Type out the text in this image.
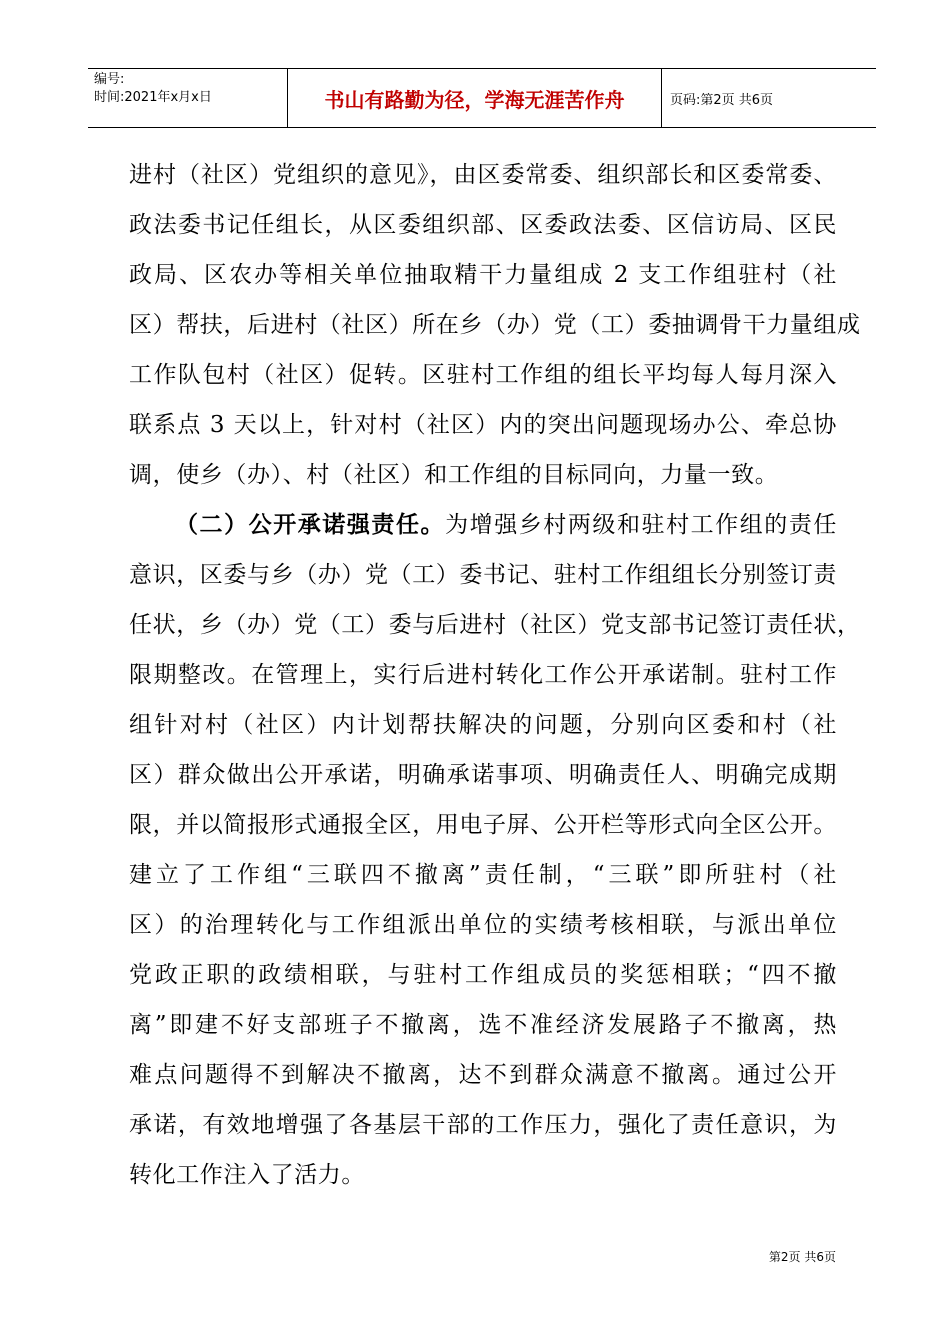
编号:
时间:2021年x月x日	书山有路勤为径，学海无涯苦作舟	页码:第2页 共6页
进村（社区）党组织的意见》，由区委常委、组织部长和区委常委、
政法委书记任组长，从区委组织部、区委政法委、区信访局、区民
政局、区农办等相关单位抽取精干力量组成 2 支工作组驻村（社
区）帮扶，后进村（社区）所在乡（办）党（工）委抽调骨干力量组成
工作队包村（社区）促转。区驻村工作组的组长平均每人每月深入
联系点 3 天以上，针对村（社区）内的突出问题现场办公、牵总协
调，使乡（办）、村（社区）和工作组的目标同向，力量一致。
（二）公开承诺强责任。为增强乡村两级和驻村工作组的责任
意识，区委与乡（办）党（工）委书记、驻村工作组组长分别签订责
任状，乡（办）党（工）委与后进村（社区）党支部书记签订责任状，
限期整改。在管理上，实行后进村转化工作公开承诺制。驻村工作
组针对村（社区）内计划帮扶解决的问题，分别向区委和村（社
区）群众做出公开承诺，明确承诺事项、明确责任人、明确完成期
限，并以简报形式通报全区，用电子屏、公开栏等形式向全区公开。
建立了工作组“三联四不撤离”责任制，“三联”即所驻村（社
区）的治理转化与工作组派出单位的实绩考核相联，与派出单位
党政正职的政绩相联，与驻村工作组成员的奖惩相联；“四不撤
离”即建不好支部班子不撤离，选不准经济发展路子不撤离，热
难点问题得不到解决不撤离，达不到群众满意不撤离。通过公开
承诺，有效地增强了各基层干部的工作压力，强化了责任意识，为
转化工作注入了活力。
第2页 共6页
